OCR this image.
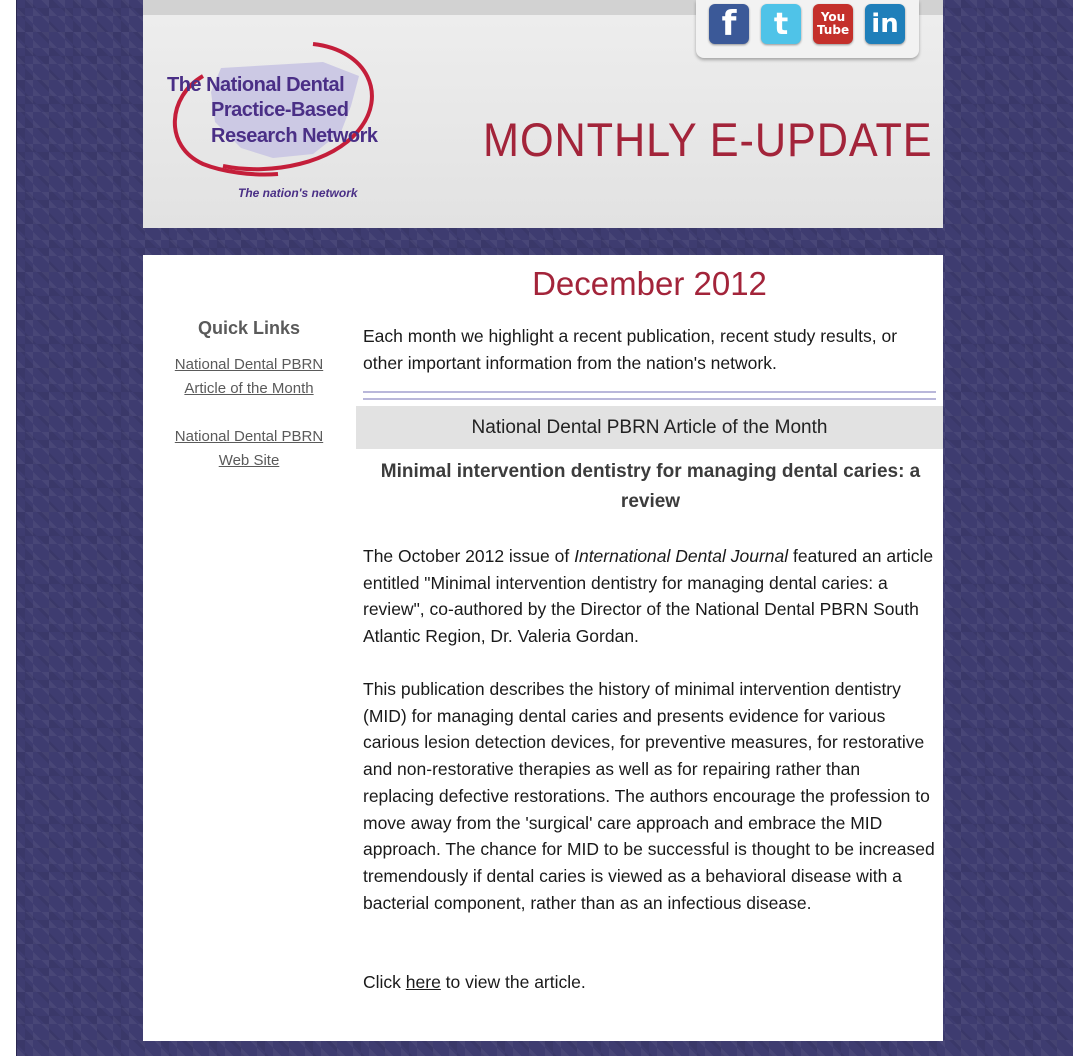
f	t	You Tube in
The National Dental
Practice-Based
Research Network
The nation's network
MONTHLY E-UPDATE
December 2012
Quick Links
National Dental PBRN Article of the Month
National Dental PBRN Web Site
Each month we highlight a recent publication, recent study results, or other important information from the nation's network.
National Dental PBRN Article of the Month
Minimal intervention dentistry for managing dental caries: a review
The October 2012 issue of International Dental Journal featured an article entitled "Minimal intervention dentistry for managing dental caries: a review", co-authored by the Director of the National Dental PBRN South Atlantic Region, Dr. Valeria Gordan.
This publication describes the history of minimal intervention dentistry (MID) for managing dental caries and presents evidence for various carious lesion detection devices, for preventive measures, for restorative and non-restorative therapies as well as for repairing rather than replacing defective restorations. The authors encourage the profession to move away from the 'surgical' care approach and embrace the MID approach. The chance for MID to be successful is thought to be increased tremendously if dental caries is viewed as a behavioral disease with a bacterial component, rather than as an infectious disease.
Click here to view the article.
